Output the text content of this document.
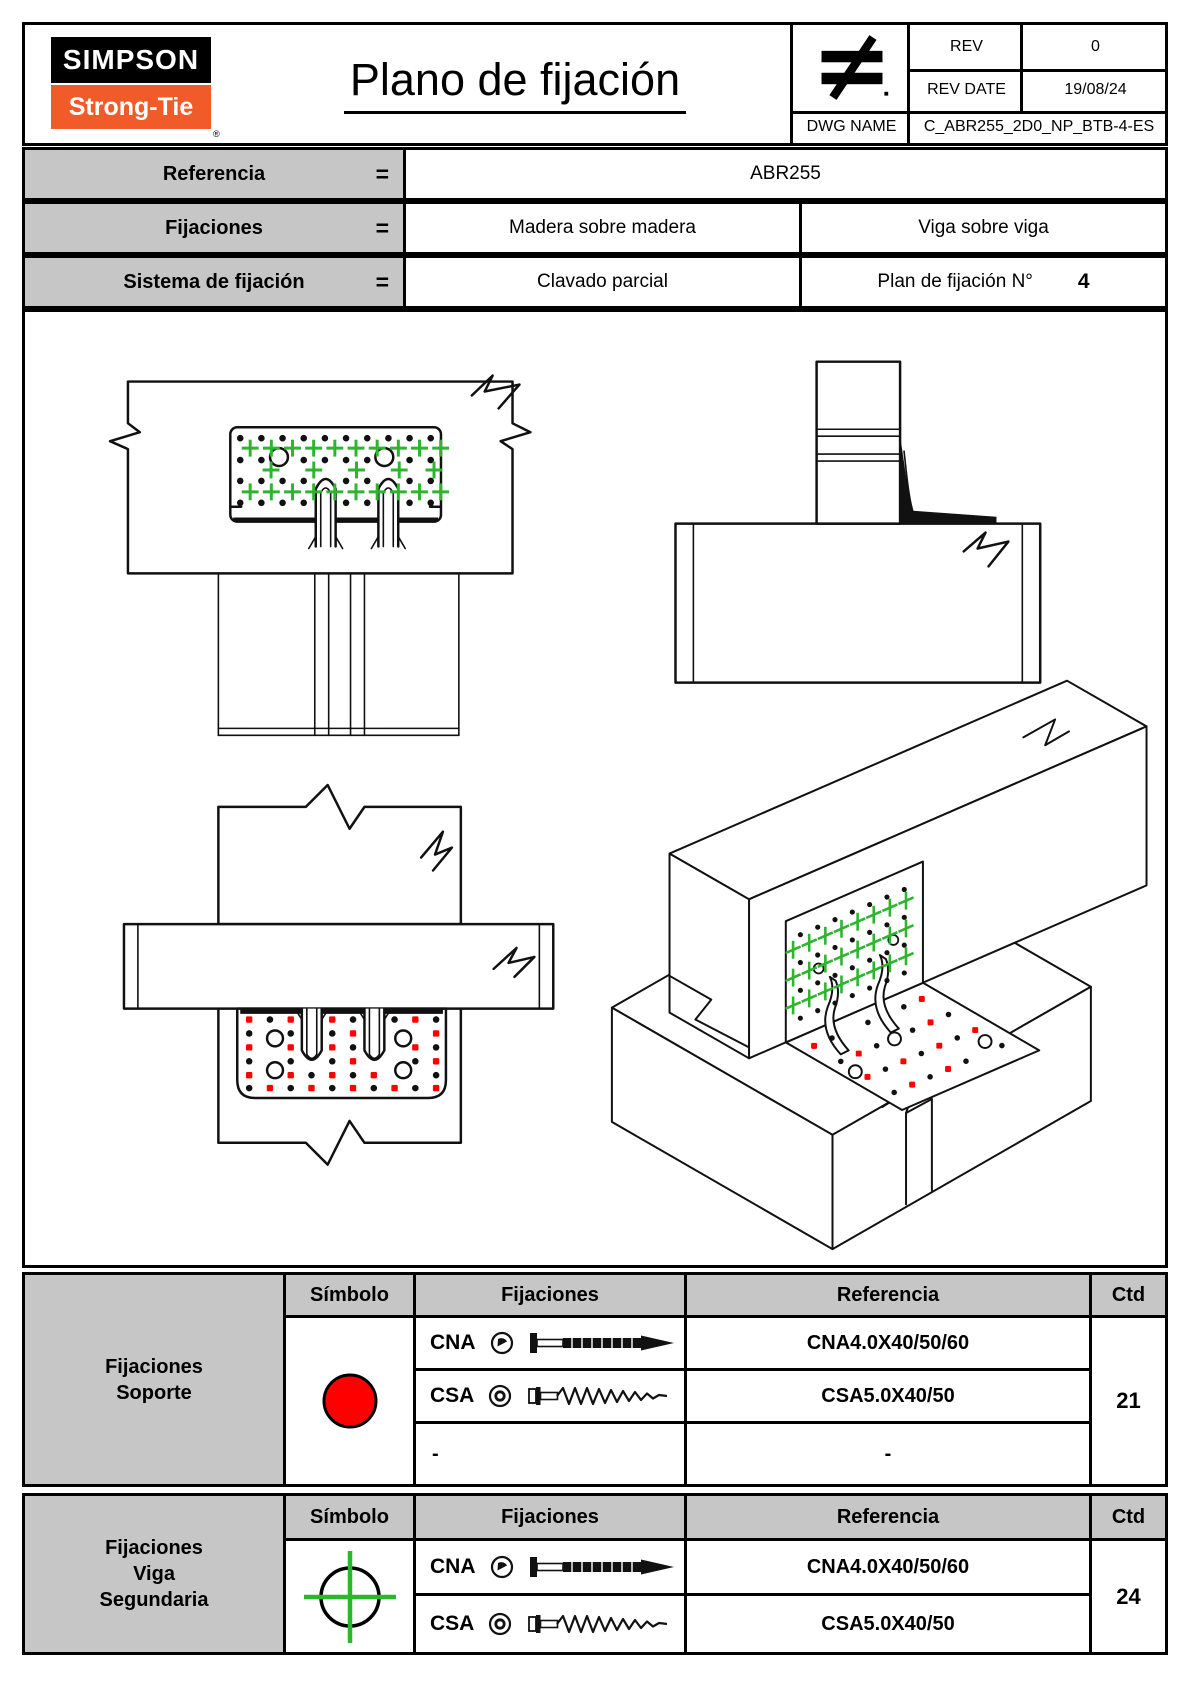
SIMPSON
Strong-Tie
®
Plano de fijación
REV	0
REV DATE	19/08/24
DWG NAME C_ABR255_2D0_NP_BTB-4-ES
Referencia	=	ABR255
Fijaciones	=	Madera sobre madera	Viga sobre viga
Sistema de fijación	=	Clavado parcial	Plan de fijación N° 4
Fijaciones
Soporte
Símbolo	Fijaciones	Referencia	Ctd
CNA	CNA4.0X40/50/60
CSA	CSA5.0X40/50
-	-
21
Fijaciones
Viga
Segundaria
Símbolo	Fijaciones	Referencia	Ctd
CNA	CNA4.0X40/50/60
CSA	CSA5.0X40/50
24
